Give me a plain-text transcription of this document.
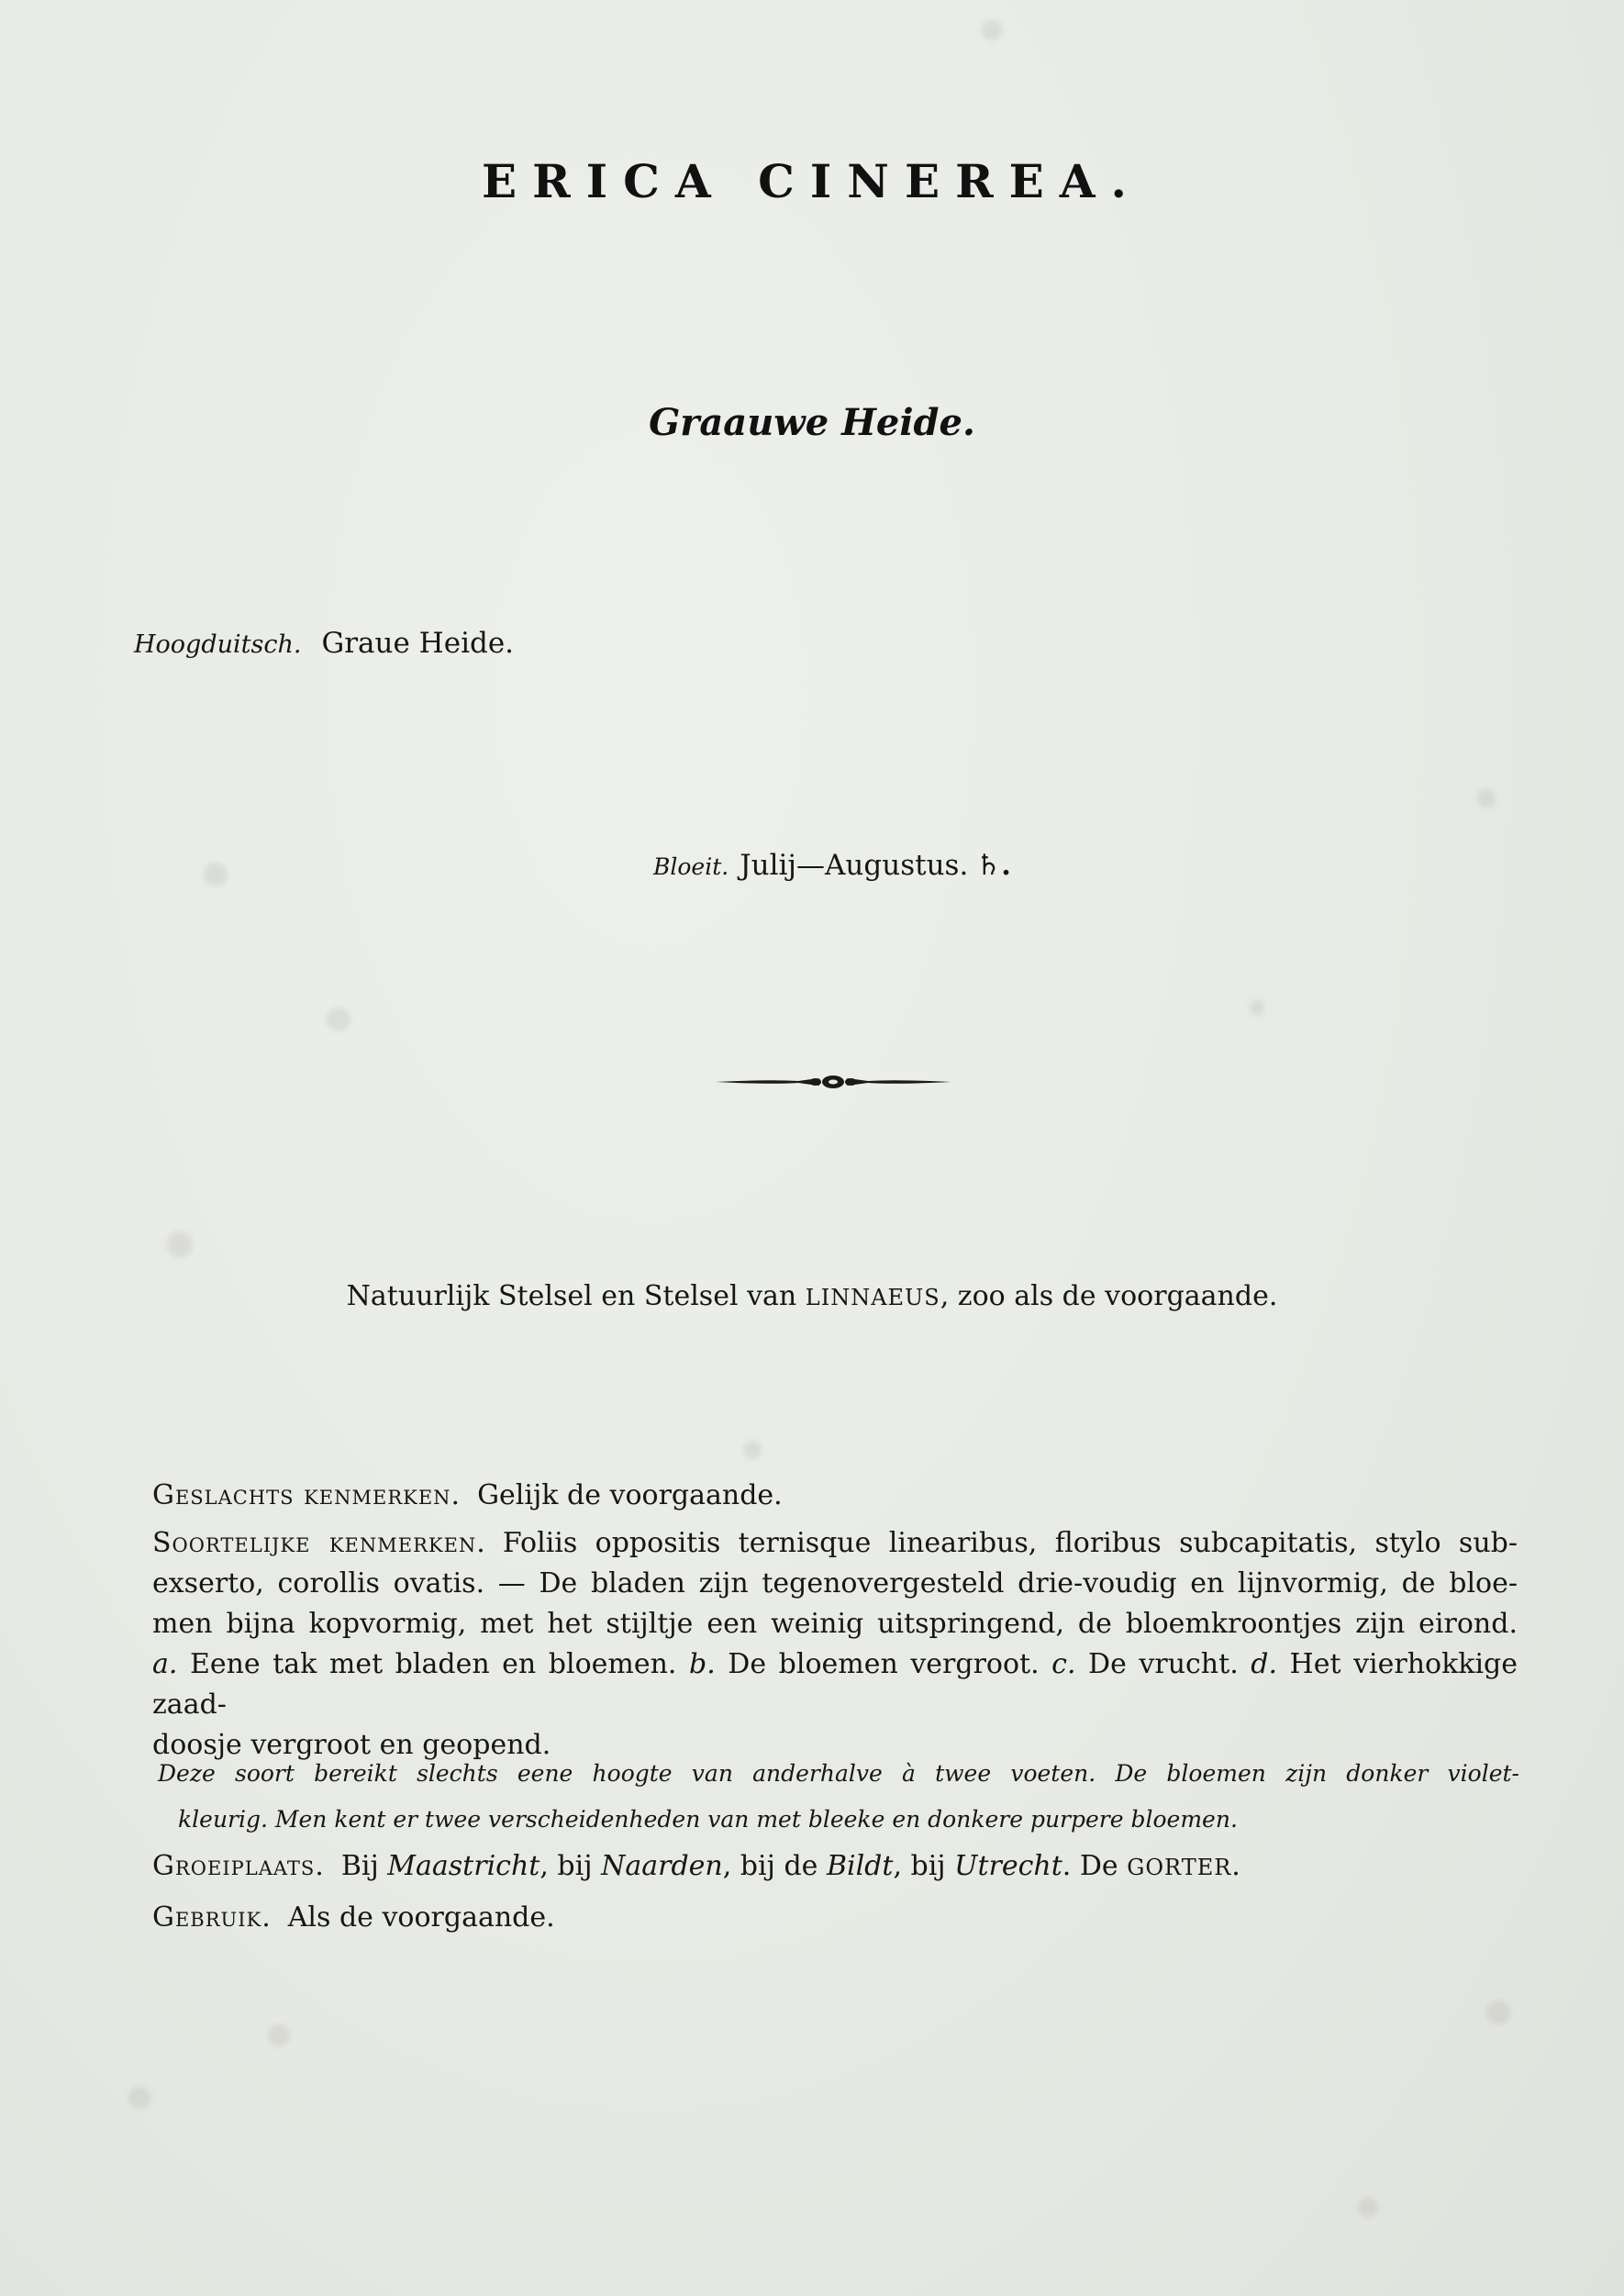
ERICA CINEREA.
Graauwe Heide.
Hoogduitsch. Graue Heide.
Bloeit. Julij—Augustus. ♄.
Natuurlijk Stelsel en Stelsel van LINNAEUS, zoo als de voorgaande.
Geslachts kenmerken. Gelijk de voorgaande.
Soortelijke kenmerken. Foliis oppositis ternisque linearibus, floribus subcapitatis, stylo sub-
exserto, corollis ovatis. — De bladen zijn tegenovergesteld drie-voudig en lijnvormig, de bloe-
men bijna kopvormig, met het stijltje een weinig uitspringend, de bloemkroontjes zijn eirond.
a. Eene tak met bladen en bloemen. b. De bloemen vergroot. c. De vrucht. d. Het vierhokkige zaad-
doosje vergroot en geopend.
Deze soort bereikt slechts eene hoogte van anderhalve à twee voeten. De bloemen zijn donker violet-
kleurig. Men kent er twee verscheidenheden van met bleeke en donkere purpere bloemen.
Groeiplaats. Bij Maastricht, bij Naarden, bij de Bildt, bij Utrecht. De GORTER.
Gebruik. Als de voorgaande.
